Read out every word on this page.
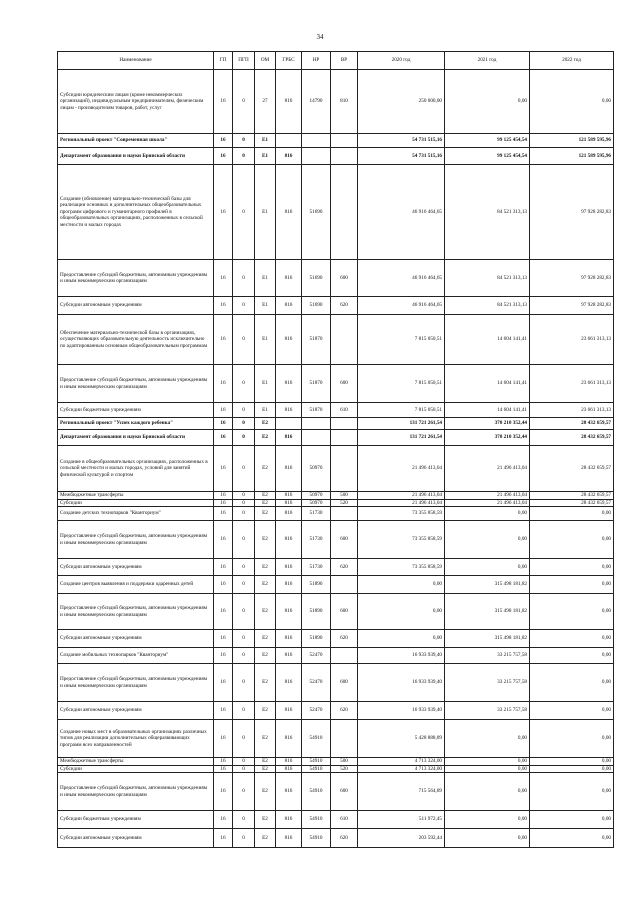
34
Наименование	ГП	ПГП	ОМ	ГРБС	НР	ВР	2020 год	2021 год	2022 год
Субсидии юридическим лицам (кроме некоммерческих организаций), индивидуальным предпринимателям, физическим лицам - производителям товаров, работ, услуг	16	0	27	816	14790	810	250 000,00	0,00	0,00
Региональный проект "Современная школа"	16	0	Е1				54 731 515,16	99 125 454,54	121 589 595,96
Департамент образования и науки Брянской области	16	0	Е1	816			54 731 515,16	99 125 454,54	121 589 595,96
Создание (обновление) материально-технической базы для реализации основных и дополнительных общеобразовательных программ цифрового и гуманитарного профилей в общеобразовательных организациях, расположенных в сельской местности и малых городах	16	0	Е1	816	51690		46 916 464,65	84 521 313,13	97 928 282,83
Предоставление субсидий бюджетным, автономным учреждениям и иным некоммерческим организациям	16	0	Е1	816	51690	600	46 916 464,65	84 521 313,13	97 928 282,83
Субсидии автономным учреждениям	16	0	Е1	816	51690	620	46 916 464,65	84 521 313,13	97 928 282,83
Обеспечение материально-технической базы в организациях, осуществляющих образовательную деятельность исключительно по адаптированным основным общеобразовательным программам	16	0	Е1	816	51870		7 815 050,51	14 604 141,41	23 661 313,13
Предоставление субсидий бюджетным, автономным учреждениям и иным некоммерческим организациям	16	0	Е1	816	51870	600	7 815 050,51	14 604 141,41	23 661 313,13
Субсидии бюджетным учреждениям	16	0	Е1	816	51870	610	7 815 050,51	14 604 141,41	23 661 313,13
Региональный проект "Успех каждого ребенка"	16	0	Е2				131 721 261,54	370 210 352,44	28 432 659,57
Департамент образования и науки Брянской области	16	0	Е2	816			131 721 261,54	370 210 352,44	28 432 659,57
Создание в общеобразовательных организациях, расположенных в сельской местности и малых городах, условий для занятий физической культурой и спортом	16	0	Е2	816	50970		21 496 413,04	21 496 413,04	28 432 659,57
Межбюджетные трансферты	16	0	Е2	816	50970	500	21 496 413,04	21 496 413,04	28 432 659,57
Субсидии	16	0	Е2	816	50970	520	21 496 413,04	21 496 413,04	28 432 659,57
Создание детских технопарков "Кванториум"	16	0	Е2	816	51730		73 355 858,59	0,00	0,00
Предоставление субсидий бюджетным, автономным учреждениям и иным некоммерческим организациям	16	0	Е2	816	51730	600	73 355 858,59	0,00	0,00
Субсидии автономным учреждениям	16	0	Е2	816	51730	620	73 355 858,59	0,00	0,00
Создание центров выявления и поддержки одаренных детей	16	0	Е2	816	51890		0,00	315 498 181,82	0,00
Предоставление субсидий бюджетным, автономным учреждениям и иным некоммерческим организациям	16	0	Е2	816	51890	600	0,00	315 498 181,82	0,00
Субсидии автономным учреждениям	16	0	Е2	816	51890	620	0,00	315 498 181,82	0,00
Создание мобильных технопарков "Кванториум"	16	0	Е2	816	52470		16 933 939,40	33 215 757,58	0,00
Предоставление субсидий бюджетным, автономным учреждениям и иным некоммерческим организациям	16	0	Е2	816	52470	600	16 933 939,40	33 215 757,58	0,00
Субсидии автономным учреждениям	16	0	Е2	816	52470	620	16 933 939,40	33 215 757,58	0,00
Создание новых мест в образовательных организациях различных типов для реализации дополнительных общеразвивающих программ всех направленностей	16	0	Е2	816	54910		5 428 888,89	0,00	0,00
Межбюджетные трансферты	16	0	Е2	816	54910	500	4 713 324,00	0,00	0,00
Субсидии	16	0	Е2	816	54910	520	4 713 324,00	0,00	0,00
Предоставление субсидий бюджетным, автономным учреждениям и иным некоммерческим организациям	16	0	Е2	816	54910	600	715 564,89	0,00	0,00
Субсидии бюджетным учреждениям	16	0	Е2	816	54910	610	511 972,45	0,00	0,00
Субсидии автономным учреждениям	16	0	Е2	816	54910	620	203 592,44	0,00	0,00
